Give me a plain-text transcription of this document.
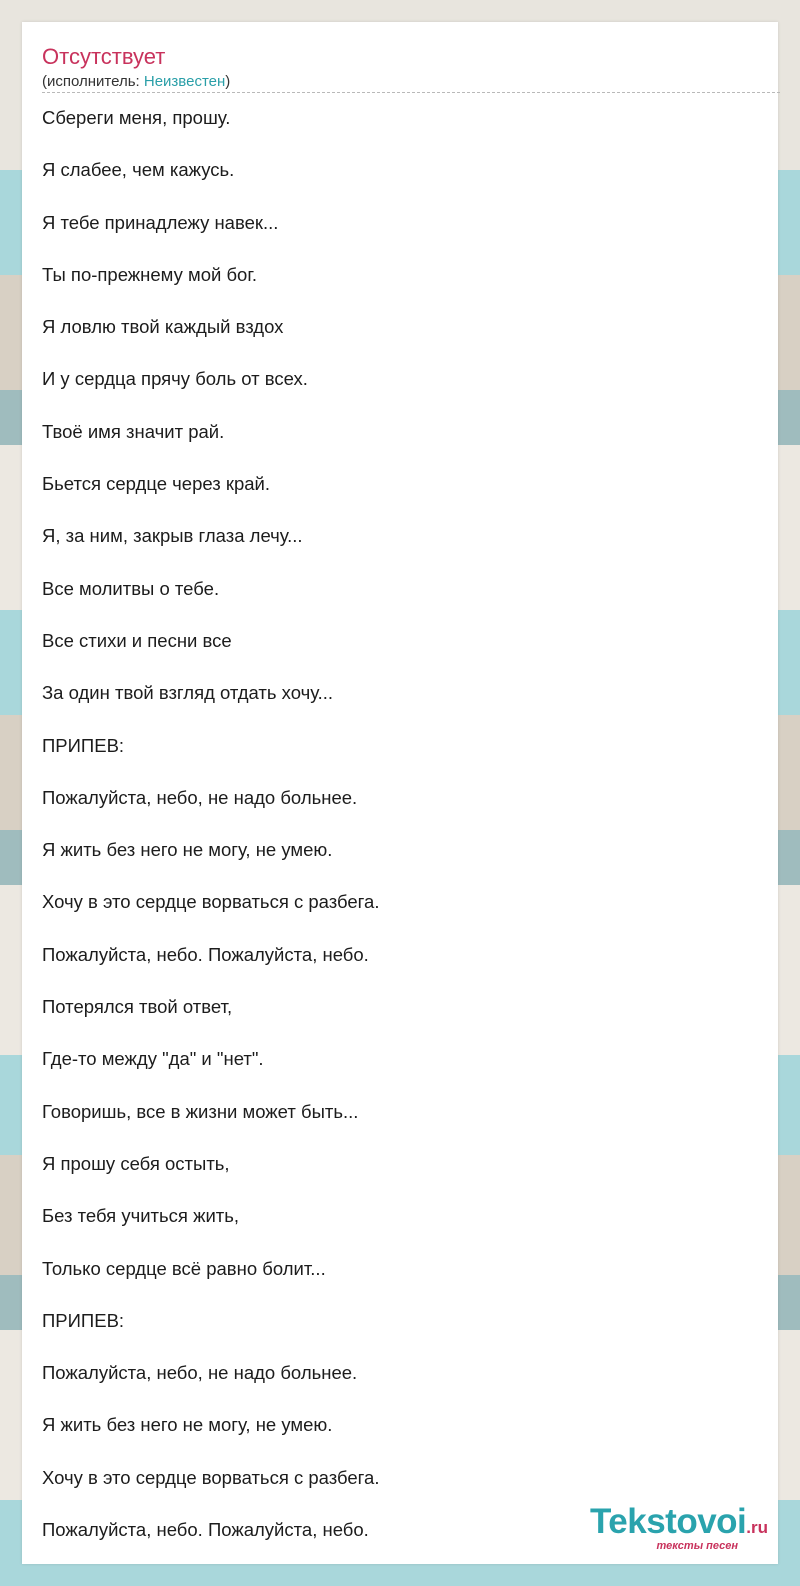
Отсутствует
(исполнитель: Неизвестен)
Сбереги меня, прошу.
Я слабее, чем кажусь.
Я тебе принадлежу навек...
Ты по-прежнему мой бог.
Я ловлю твой каждый вздох
И у сердца прячу боль от всех.
Твоё имя значит рай.
Бьется сердце через край.
Я, за ним, закрыв глаза лечу...
Все молитвы о тебе.
Все стихи и песни все
За один твой взгляд отдать хочу...
ПРИПЕВ:
Пожалуйста, небо, не надо больнее.
Я жить без него не могу, не умею.
Хочу в это сердце ворваться с разбега.
Пожалуйста, небо. Пожалуйста, небо.
Потерялся твой ответ,
Где-то между "да" и "нет".
Говоришь, все в жизни может быть...
Я прошу себя остыть,
Без тебя учиться жить,
Только сердце всё равно болит...
ПРИПЕВ:
Пожалуйста, небо, не надо больнее.
Я жить без него не могу, не умею.
Хочу в это сердце ворваться с разбега.
Пожалуйста, небо. Пожалуйста, небо.	Tekstovoi.ru
тексты песен
